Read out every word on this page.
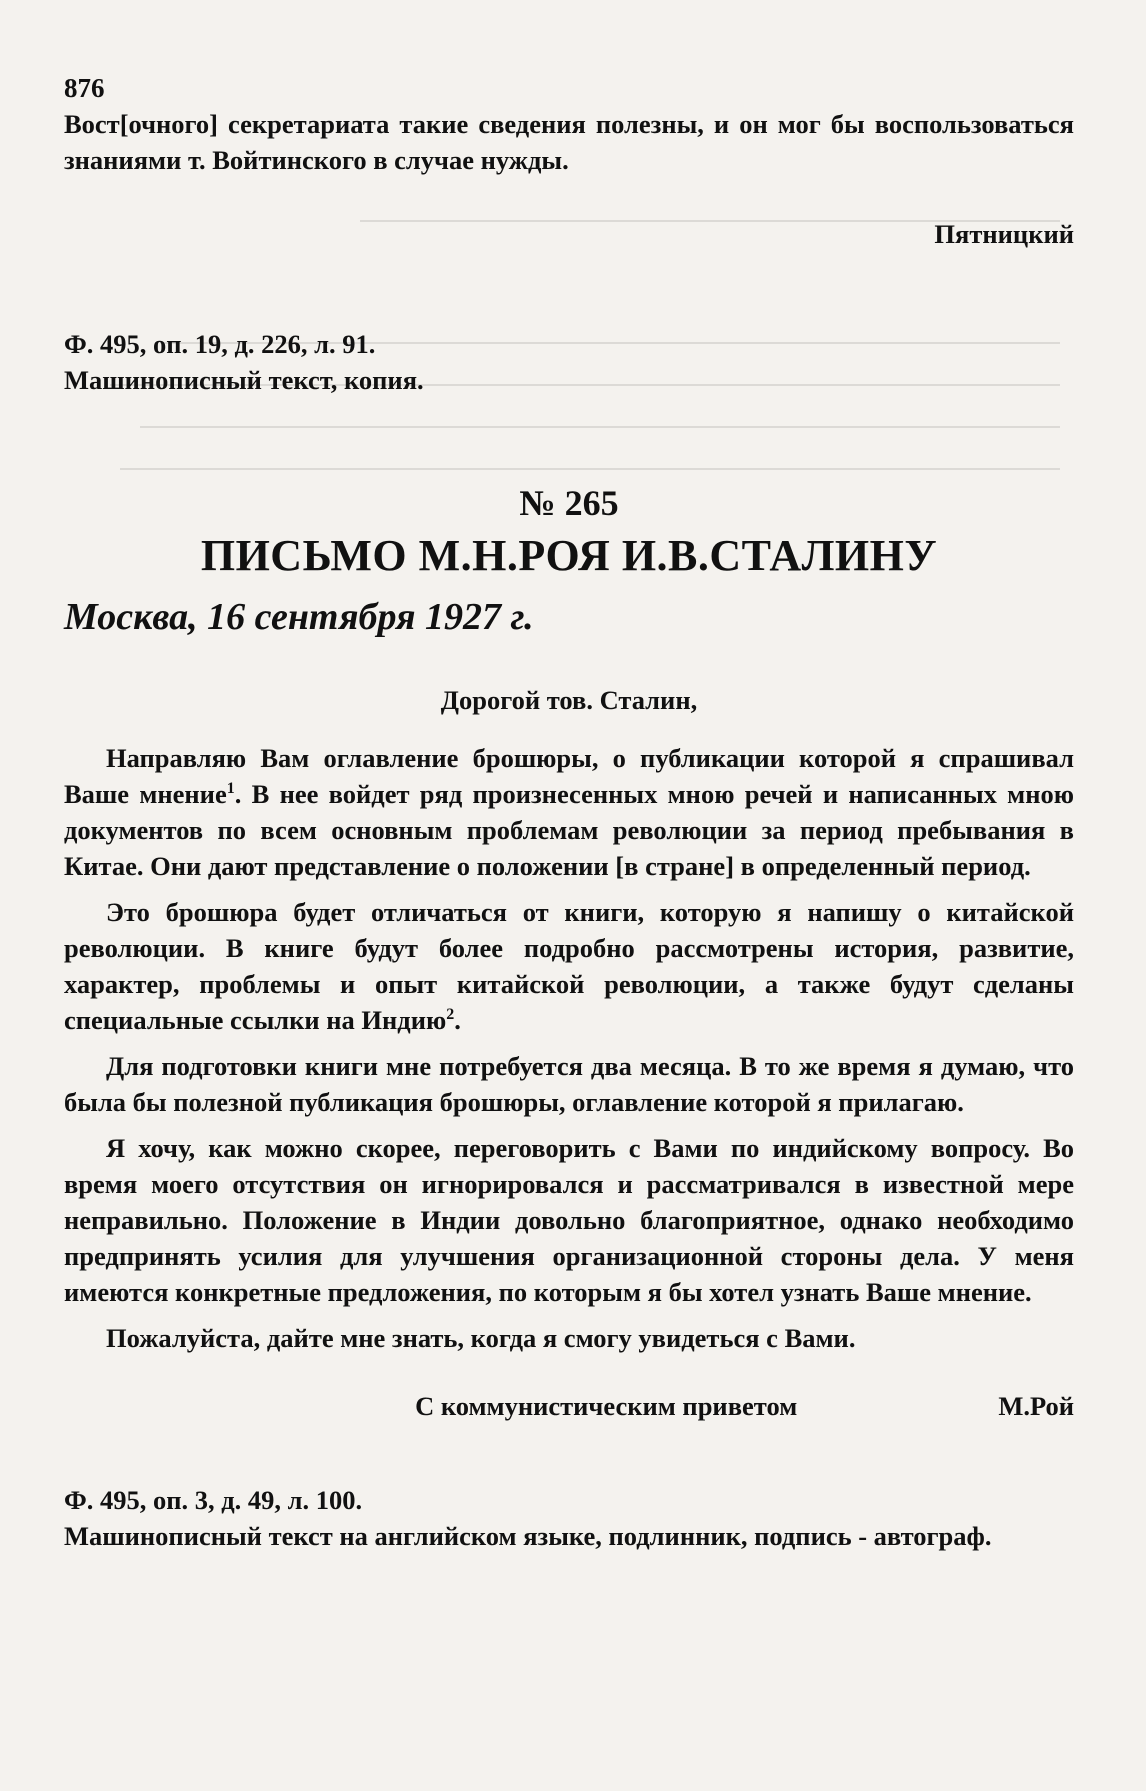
876

Вост[очного] секретариата такие сведения полезны, и он мог бы воспользоваться знаниями т. Войтинского в случае нужды.

Пятницкий

Ф. 495, оп. 19, д. 226, л. 91.

Машинописный текст, копия.

№ 265

ПИСЬМО М.Н.РОЯ И.В.СТАЛИНУ

Москва, 16 сентября 1927 г.

Дорогой тов. Сталин,

Направляю Вам оглавление брошюры, о публикации которой я спрашивал Ваше мнение$^1$. В нее войдет ряд произнесенных мною речей и написанных мною документов по всем основным проблемам революции за период пребывания в Китае. Они дают представление о положении [в стране] в определенный период.

Это брошюра будет отличаться от книги, которую я напишу о китайской революции. В книге будут более подробно рассмотрены история, развитие, характер, проблемы и опыт китайской революции, а также будут сделаны специальные ссылки на Индию$^2$.

Для подготовки книги мне потребуется два месяца. В то же время я думаю, что была бы полезной публикация брошюры, оглавление которой я прилагаю.

Я хочу, как можно скорее, переговорить с Вами по индийскому вопросу. Во время моего отсутствия он игнорировался и рассматривался в известной мере неправильно. Положение в Индии довольно благоприятное, однако необходимо предпринять усилия для улучшения организационной стороны дела. У меня имеются конкретные предложения, по которым я бы хотел узнать Ваше мнение.

Пожалуйста, дайте мне знать, когда я смогу увидеться с Вами.

С коммунистическим приветом	М.Рой

Ф. 495, оп. 3, д. 49, л. 100.

Машинописный текст на английском языке, подлинник, подпись - автограф.
